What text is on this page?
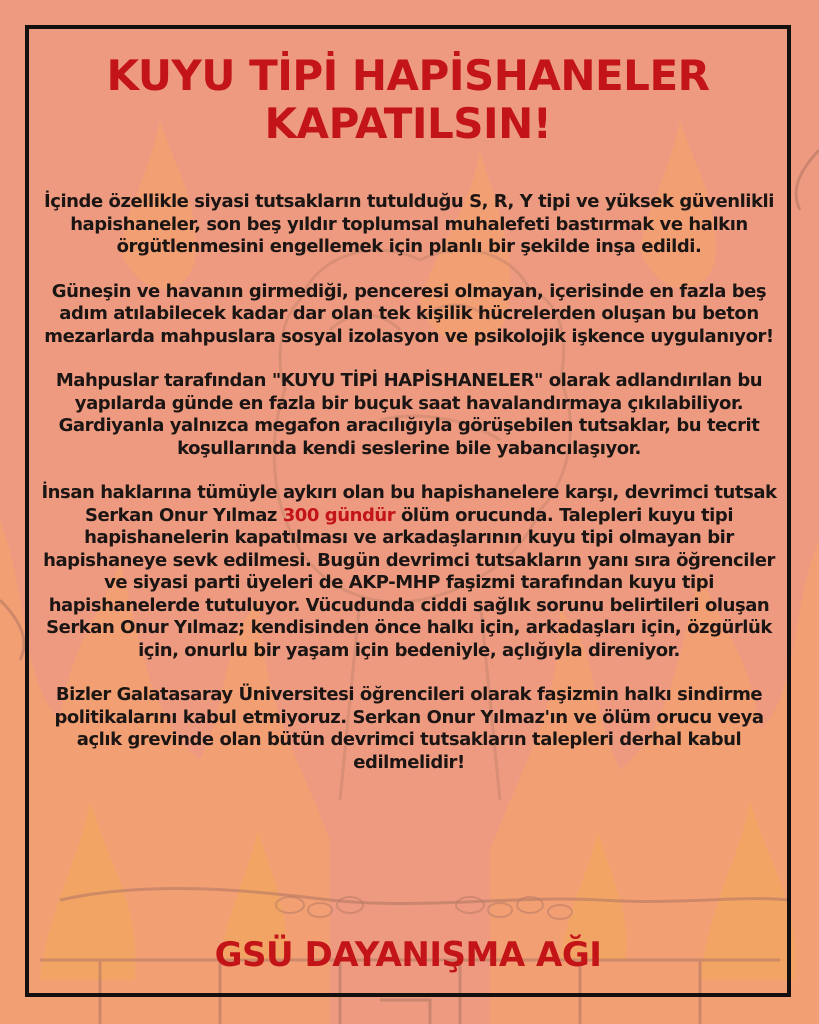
KUYU TİPİ HAPİSHANELER
KAPATILSIN!

İçinde özellikle siyasi tutsakların tutulduğu S, R, Y tipi ve yüksek güvenlikli hapishaneler, son beş yıldır toplumsal muhalefeti bastırmak ve halkın örgütlenmesini engellemek için planlı bir şekilde inşa edildi.

Güneşin ve havanın girmediği, penceresi olmayan, içerisinde en fazla beş adım atılabilecek kadar dar olan tek kişilik hücrelerden oluşan bu beton mezarlarda mahpuslara sosyal izolasyon ve psikolojik işkence uygulanıyor!

Mahpuslar tarafından "KUYU TİPİ HAPİSHANELER" olarak adlandırılan bu yapılarda günde en fazla bir buçuk saat havalandırmaya çıkılabiliyor. Gardiyanla yalnızca megafon aracılığıyla görüşebilen tutsaklar, bu tecrit koşullarında kendi seslerine bile yabancılaşıyor.

İnsan haklarına tümüyle aykırı olan bu hapishanelere karşı, devrimci tutsak Serkan Onur Yılmaz 300 gündür ölüm orucunda. Talepleri kuyu tipi hapishanelerin kapatılması ve arkadaşlarının kuyu tipi olmayan bir hapishaneye sevk edilmesi. Bugün devrimci tutsakların yanı sıra öğrenciler ve siyasi parti üyeleri de AKP-MHP faşizmi tarafından kuyu tipi hapishanelerde tutuluyor. Vücudunda ciddi sağlık sorunu belirtileri oluşan Serkan Onur Yılmaz; kendisinden önce halkı için, arkadaşları için, özgürlük için, onurlu bir yaşam için bedeniyle, açlığıyla direniyor.

Bizler Galatasaray Üniversitesi öğrencileri olarak faşizmin halkı sindirme politikalarını kabul etmiyoruz. Serkan Onur Yılmaz'ın ve ölüm orucu veya açlık grevinde olan bütün devrimci tutsakların talepleri derhal kabul edilmelidir!

GSÜ DAYANIŞMA AĞI
